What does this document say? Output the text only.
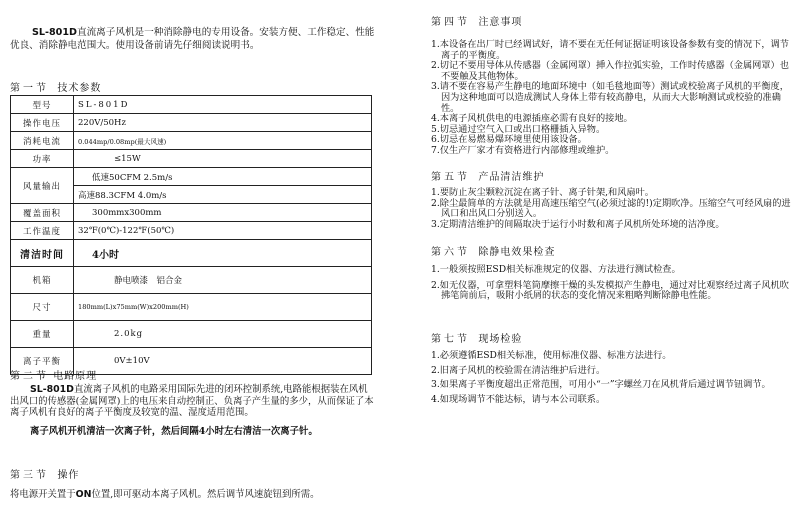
SL-801D直流离子风机是一种消除静电的专用设备。安装方便、工作稳定、性能优良、消除静电范围大。使用设备前请先仔细阅读说明书。

第一节 技术参数
型号	SL-801D
操作电压	220V/50Hz
消耗电流	0.044mp/0.08mp(最大风速)
功率	≤15W
风量输出	低速50CFM 2.5m/s
	高速88.3CFM 4.0m/s
覆盖面积	300mmx300mm
工作温度	32℉(0℃)-122℉(50℃)
清洁时间	4小时
机箱	静电喷漆　铝合金
尺寸	180mm(L)x75mm(W)x200mm(H)
重量	2.0kg
离子平衡	0V±10V
第二节 电路原理

SL-801D直流离子风机的电路采用国际先进的闭环控制系统,电路能根据装在风机出风口的传感器(金属网罩)上的电压来自动控制正、负离子产生量的多少，从而保证了本离子风机有良好的离子平衡度及较宽的温、湿度适用范围。

离子风机开机清洁一次离子针，然后间隔4小时左右清洁一次离子针。

第三节 操作

将电源开关置于ON位置,即可驱动本离子风机。然后调节风速旋钮到所需。

第四节 注意事项

1.本设备在出厂时已经调试好，请不要在无任何证据证明该设备参数有变的情况下，调节离子的平衡度。

2.切记不要用导体从传感器（金属网罩）挿入作拉弧实验，工作时传感器（金属网罩）也不要触及其他物体。

3.请不要在容易产生静电的地面环境中（如毛毯地面等）测试或校验离子风机的平衡度，因为这种地面可以造成测试人身体上带有较高静电，从而大大影响测试或校验的准确性。

4.本离子风机供电的电源插座必需有良好的接地。

5.切忌通过空气入口或出口格栅插入异物。

6.切忌在易燃易爆环境里使用该设备。

7.仅生产厂家才有资格进行内部修理或维护。

第五节 产品清洁维护

1.要防止灰尘颗粒沉淀在离子针、离子针架,和风扇叶。

2.除尘最简单的方法就是用高速压缩空气(必须过滤的!)定期吹净。压缩空气可经风扇的进风口和出风口分别送入。

3.定期清洁维护的间隔取决于运行小时数和离子风机所处环境的洁净度。

第六节 除静电效果检查

1.一般须按照ESD相关标准规定的仪器、方法进行测试检查。

2.如无仪器，可拿塑料笔筒摩擦干燥的头发模拟产生静电，通过对比观察经过离子风机吹拂笔筒前后，吸附小纸屑的状态的变化情况来粗略判断除静电性能。

第七节 现场检验

1.必须遵循ESD相关标准，使用标准仪器、标准方法进行。

2.旧离子风机的校验需在清洁维护后进行。

3.如果离子平衡度超出正常范围，可用小“一”字螺丝刀在风机背后通过调节钮调节。

4.如现场调节不能达标，请与本公司联系。
